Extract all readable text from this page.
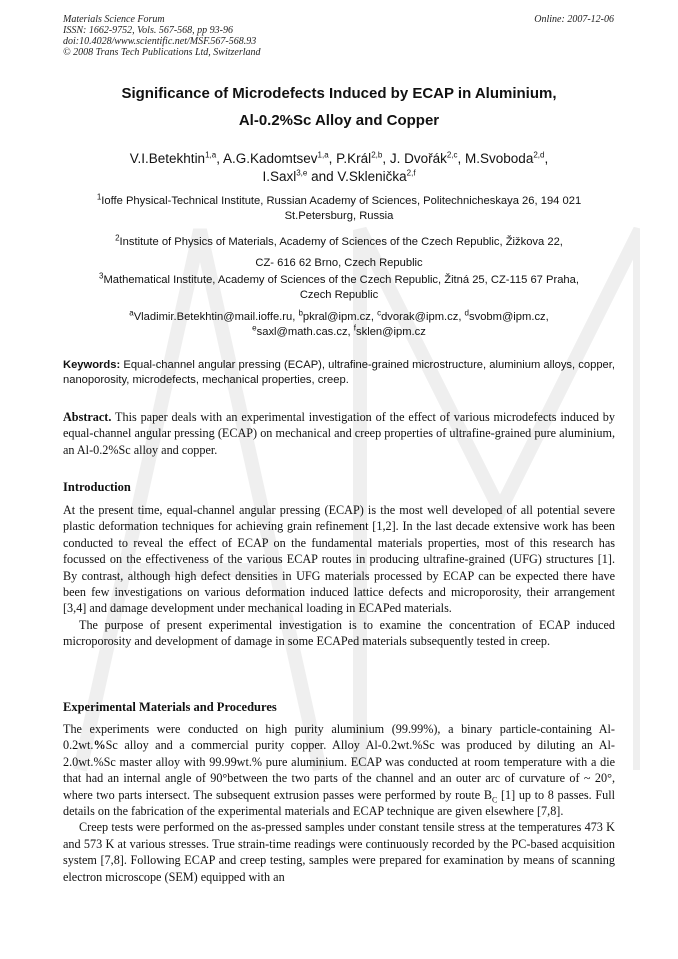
Materials Science Forum
ISSN: 1662-9752, Vols. 567-568, pp 93-96
doi:10.4028/www.scientific.net/MSF.567-568.93
© 2008 Trans Tech Publications Ltd, Switzerland
Online: 2007-12-06
Significance of Microdefects Induced by ECAP in Aluminium,
Al-0.2%Sc Alloy and Copper
V.I.Betekhtin$^{1,a}$, A.G.Kadomtsev$^{1,a}$, P.Král$^{2,b}$, J. Dvořák$^{2,c}$, M.Svoboda$^{2,d}$,
I.Saxl$^{3,e}$ and V.Sklenička$^{2,f}$
$^1$Ioffe Physical-Technical Institute, Russian Academy of Sciences, Politechnicheskaya 26, 194 021
St.Petersburg, Russia
$^2$Institute of Physics of Materials, Academy of Sciences of the Czech Republic, Žižkova 22,
CZ- 616 62 Brno, Czech Republic
$^3$Mathematical Institute, Academy of Sciences of the Czech Republic, Žitná 25, CZ-115 67 Praha,
Czech Republic
$^a$Vladimir.Betekhtin@mail.ioffe.ru, $^b$pkral@ipm.cz, $^c$dvorak@ipm.cz, $^d$svobm@ipm.cz,
$^e$saxl@math.cas.cz, $^f$sklen@ipm.cz
Keywords: Equal-channel angular pressing (ECAP), ultrafine-grained microstructure, aluminium alloys, copper, nanoporosity, microdefects, mechanical properties, creep.
Abstract. This paper deals with an experimental investigation of the effect of various microdefects induced by equal-channel angular pressing (ECAP) on mechanical and creep properties of ultrafine-grained pure aluminium, an Al-0.2%Sc alloy and copper.
Introduction

At the present time, equal-channel angular pressing (ECAP) is the most well developed of all potential severe plastic deformation techniques for achieving grain refinement [1,2]. In the last decade extensive work has been conducted to reveal the effect of ECAP on the fundamental materials properties, most of this research has focussed on the effectiveness of the various ECAP routes in producing ultrafine-grained (UFG) structures [1]. By contrast, although high defect densities in UFG materials processed by ECAP can be expected there have been few investigations on various deformation induced lattice defects and microporosity, their arrangement [3,4] and damage development under mechanical loading in ECAPed materials.

The purpose of present experimental investigation is to examine the concentration of ECAP induced microporosity and development of damage in some ECAPed materials subsequently tested in creep.

Experimental Materials and Procedures

The experiments were conducted on high purity aluminium (99.99%), a binary particle-containing Al-0.2wt.%Sc alloy and a commercial purity copper. Alloy Al-0.2wt.%Sc was produced by diluting an Al-2.0wt.%Sc master alloy with 99.99wt.% pure aluminium. ECAP was conducted at room temperature with a die that had an internal angle of 90°between the two parts of the channel and an outer arc of curvature of ~ 20°, where two parts intersect. The subsequent extrusion passes were performed by route $B_C$ [1] up to 8 passes. Full details on the fabrication of the experimental materials and ECAP technique are given elsewhere [7,8].

Creep tests were performed on the as-pressed samples under constant tensile stress at the temperatures 473 K and 573 K at various stresses. True strain-time readings were continuously recorded by the PC-based acquisition system [7,8]. Following ECAP and creep testing, samples were prepared for examination by means of scanning electron microscope (SEM) equipped with an
